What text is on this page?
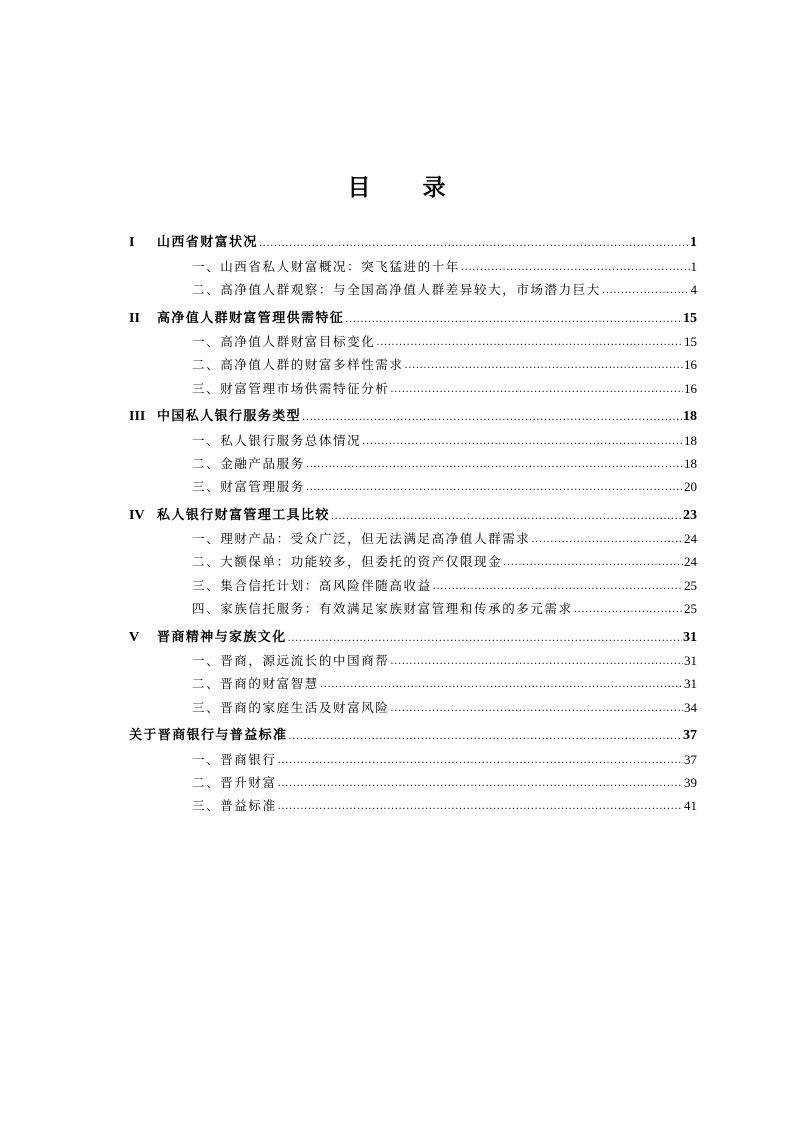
目 录
I	山西省财富状况 .....	1
一、山西省私人财富概况：突飞猛进的十年 .....	1
二、高净值人群观察：与全国高净值人群差异较大，市场潜力巨大 .....	4
II	高净值人群财富管理供需特征 .....	15
一、高净值人群财富目标变化 .....	15
二、高净值人群的财富多样性需求 .....	16
三、财富管理市场供需特征分析 .....	16
III 中国私人银行服务类型 .....	18
一、私人银行服务总体情况 .....	18
二、金融产品服务 .....	18
三、财富管理服务 .....	20
IV 私人银行财富管理工具比较 .....	23
一、理财产品：受众广泛，但无法满足高净值人群需求 .....	24
二、大额保单：功能较多，但委托的资产仅限现金 .....	24
三、集合信托计划：高风险伴随高收益 .....	25
四、家族信托服务：有效满足家族财富管理和传承的多元需求 .....	25
V	晋商精神与家族文化 .....	31
一、晋商，源远流长的中国商帮 .....	31
二、晋商的财富智慧 .....	31
三、晋商的家庭生活及财富风险 .....	34
关于晋商银行与普益标准 .....	37
一、晋商银行 .....	37
二、晋升财富 .....	39
三、普益标准 .....	41
